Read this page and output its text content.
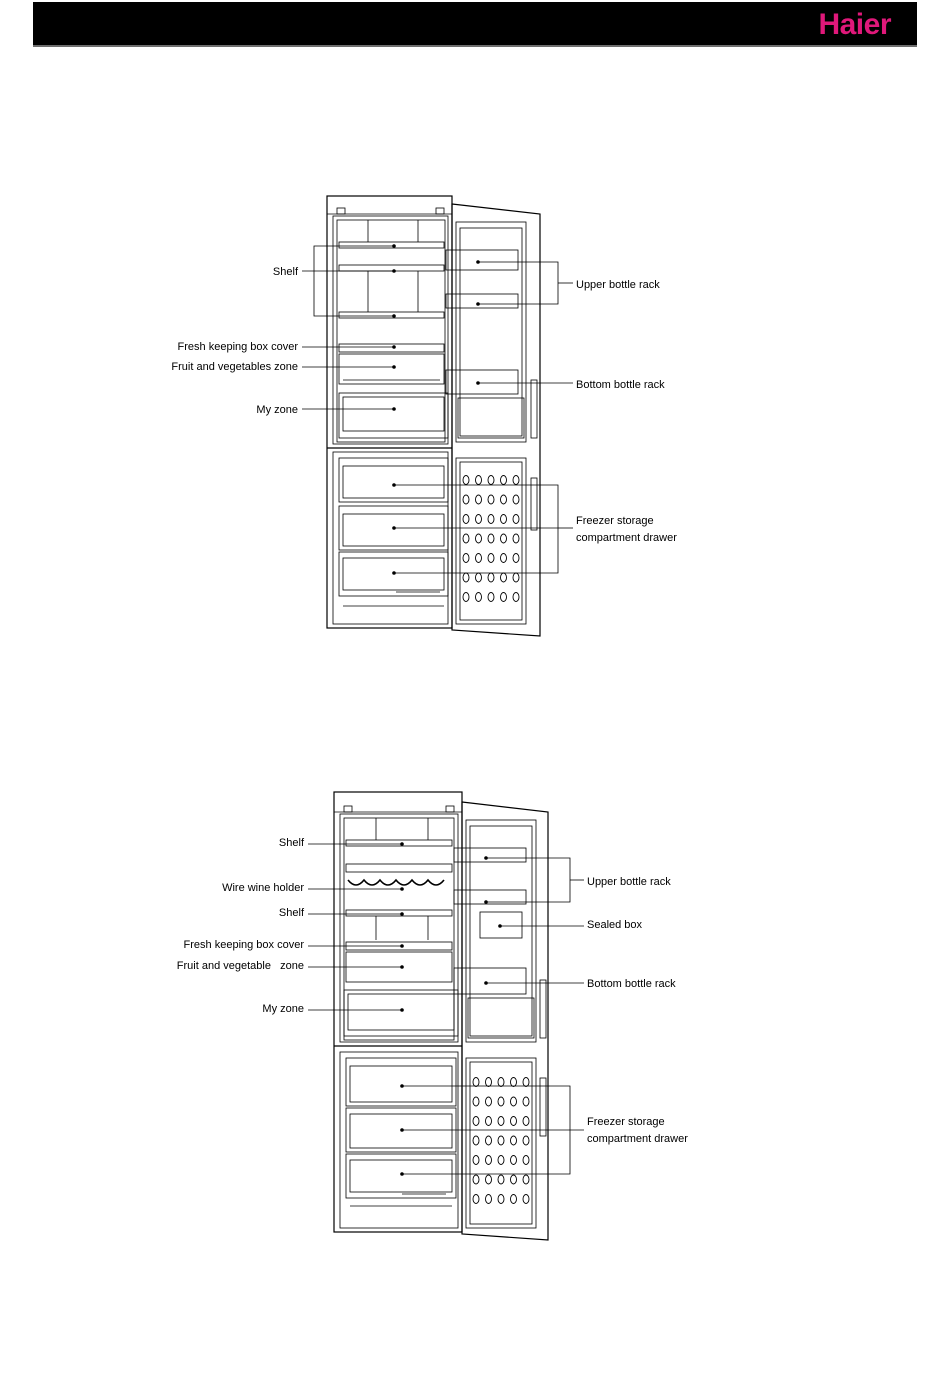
Haier
Shelf
Fresh keeping box cover
Fruit and vegetables zone
My zone
Upper bottle rack
Bottom bottle rack
Freezer storage
compartment drawer
Shelf
Wire wine holder
Shelf
Fresh keeping box cover
Fruit and vegetable   zone
My zone
Upper bottle rack
Sealed box
Bottom bottle rack
Freezer storage
compartment drawer
